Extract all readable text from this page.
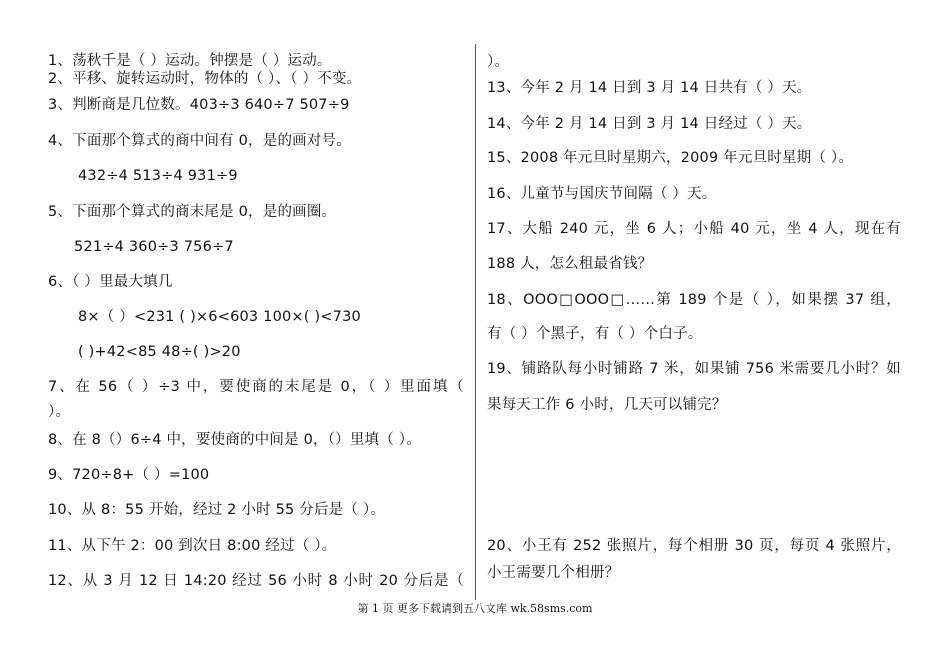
1、荡秋千是（ ）运动。钟摆是（ ）运动。
2、平移、旋转运动时，物体的（ ）、（ ）不变。
3、判断商是几位数。403÷3 640÷7 507÷9
4、下面那个算式的商中间有 0，是的画对号。
432÷4 513÷4 931÷9
5、下面那个算式的商末尾是 0，是的画圈。
521÷4 360÷3 756÷7
6、（ ）里最大填几
8×（ ）<231 ( )×6<603 100×( )<730
( )+42<85 48÷( )>20
7、在 56（ ）÷3 中，要使商的末尾是 0，（ ）里面填（
）。
8、在 8（）6÷4 中，要使商的中间是 0，（）里填（ ）。
9、720÷8+（ ）=100
10、从 8：55 开始，经过 2 小时 55 分后是（ ）。
11、从下午 2：00 到次日 8:00 经过（ ）。
12、从 3 月 12 日 14:20 经过 56 小时 8 小时 20 分后是（
）。
13、今年 2 月 14 日到 3 月 14 日共有（ ）天。
14、今年 2 月 14 日到 3 月 14 日经过（ ）天。
15、2008 年元旦时星期六，2009 年元旦时星期（ ）。
16、儿童节与国庆节间隔（ ）天。
17、大船 240 元，坐 6 人；小船 40 元，坐 4 人，现在有
188 人，怎么租最省钱？
18、OOO□OOO□……第 189 个是（ ），如果摆 37 组，
有（ ）个黑子，有（ ）个白子。
19、铺路队每小时铺路 7 米，如果铺 756 米需要几小时？如
果每天工作 6 小时，几天可以铺完？
20、小王有 252 张照片，每个相册 30 页，每页 4 张照片，
小王需要几个相册？
第 1 页 更多下载请到五八文库 wk.58sms.com
